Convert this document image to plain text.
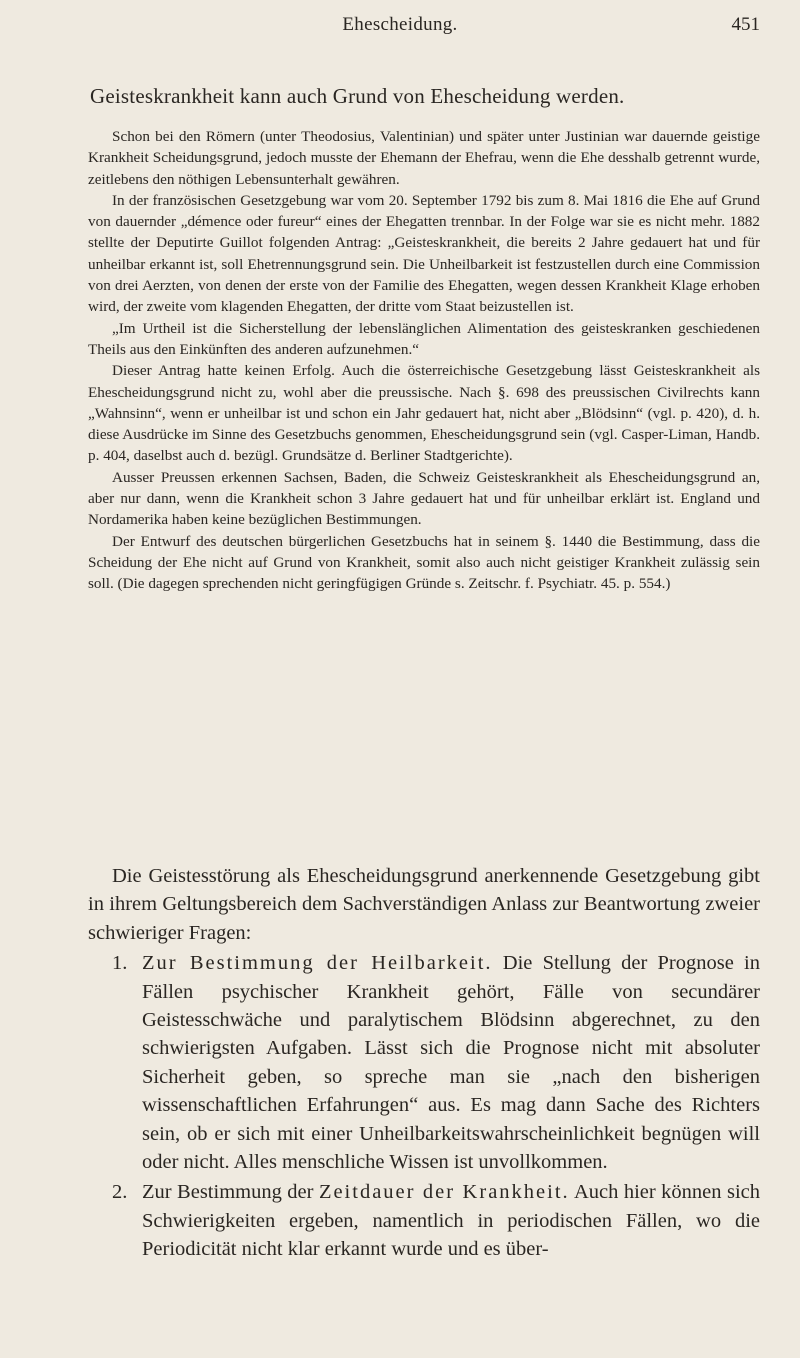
Ehescheidung.	451
Geisteskrankheit kann auch Grund von Ehescheidung werden.

Schon bei den Römern (unter Theodosius, Valentinian) und später unter Justinian war dauernde geistige Krankheit Scheidungsgrund, jedoch musste der Ehemann der Ehefrau, wenn die Ehe desshalb getrennt wurde, zeitlebens den nöthigen Lebensunterhalt gewähren.

In der französischen Gesetzgebung war vom 20. September 1792 bis zum 8. Mai 1816 die Ehe auf Grund von dauernder „démence oder fureur“ eines der Ehegatten trennbar. In der Folge war sie es nicht mehr. 1882 stellte der Deputirte Guillot folgenden Antrag: „Geisteskrankheit, die bereits 2 Jahre gedauert hat und für unheilbar erkannt ist, soll Ehetrennungsgrund sein. Die Unheilbarkeit ist festzustellen durch eine Commission von drei Aerzten, von denen der erste von der Familie des Ehegatten, wegen dessen Krankheit Klage erhoben wird, der zweite vom klagenden Ehegatten, der dritte vom Staat beizustellen ist.

„Im Urtheil ist die Sicherstellung der lebenslänglichen Alimentation des geisteskranken geschiedenen Theils aus den Einkünften des anderen aufzunehmen.“

Dieser Antrag hatte keinen Erfolg. Auch die österreichische Gesetzgebung lässt Geisteskrankheit als Ehescheidungsgrund nicht zu, wohl aber die preussische. Nach §. 698 des preussischen Civilrechts kann „Wahnsinn“, wenn er unheilbar ist und schon ein Jahr gedauert hat, nicht aber „Blödsinn“ (vgl. p. 420), d. h. diese Ausdrücke im Sinne des Gesetzbuchs genommen, Ehescheidungsgrund sein (vgl. Casper-Liman, Handb. p. 404, daselbst auch d. bezügl. Grundsätze d. Berliner Stadtgerichte).

Ausser Preussen erkennen Sachsen, Baden, die Schweiz Geisteskrankheit als Ehescheidungsgrund an, aber nur dann, wenn die Krankheit schon 3 Jahre gedauert hat und für unheilbar erklärt ist. England und Nordamerika haben keine bezüglichen Bestimmungen.

Der Entwurf des deutschen bürgerlichen Gesetzbuchs hat in seinem §. 1440 die Bestimmung, dass die Scheidung der Ehe nicht auf Grund von Krankheit, somit also auch nicht geistiger Krankheit zulässig sein soll. (Die dagegen sprechenden nicht geringfügigen Gründe s. Zeitschr. f. Psychiatr. 45. p. 554.)

Die Geistesstörung als Ehescheidungsgrund anerkennende Gesetzgebung gibt in ihrem Geltungsbereich dem Sachverständigen Anlass zur Beantwortung zweier schwieriger Fragen:

1. Zur Bestimmung der Heilbarkeit. Die Stellung der Prognose in Fällen psychischer Krankheit gehört, Fälle von secundärer Geistesschwäche und paralytischem Blödsinn abgerechnet, zu den schwierigsten Aufgaben. Lässt sich die Prognose nicht mit absoluter Sicherheit geben, so spreche man sie „nach den bisherigen wissenschaftlichen Erfahrungen“ aus. Es mag dann Sache des Richters sein, ob er sich mit einer Unheilbarkeitswahrscheinlichkeit begnügen will oder nicht. Alles menschliche Wissen ist unvollkommen.

2. Zur Bestimmung der Zeitdauer der Krankheit. Auch hier können sich Schwierigkeiten ergeben, namentlich in periodischen Fällen, wo die Periodicität nicht klar erkannt wurde und es über-
